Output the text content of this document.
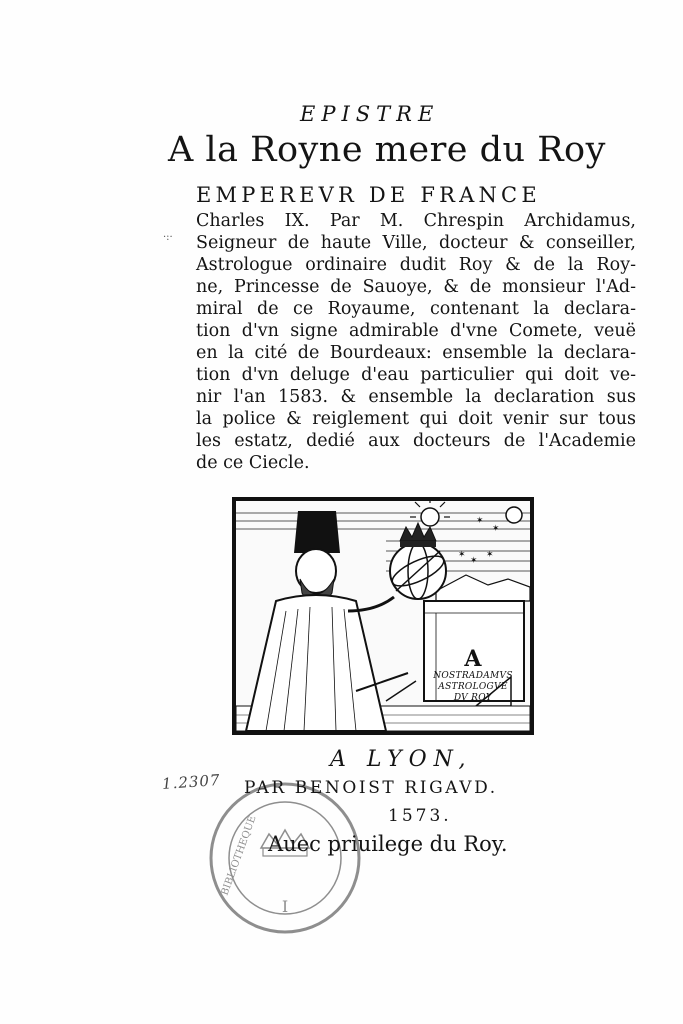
EPISTRE
A la Royne mere du Roy
EMPEREVR DE FRANCE
·:·
Charles IX. Par M. Chrespin Archidamus,
Seigneur de haute Ville, docteur & conseiller,
Astrologue ordinaire dudit Roy & de la Roy-
ne, Princesse de Sauoye, & de monsieur l'Ad-
miral de ce Royaume, contenant la declara-
tion d'vn signe admirable d'vne Comete, veuë
en la cité de Bourdeaux: ensemble la declara-
tion d'vn deluge d'eau particulier qui doit ve-
nir l'an 1583. & ensemble la declaration sus
la police & reiglement qui doit venir sur tous
les estatz, dedié aux docteurs de l'Academie
de ce Ciecle.
✶
✶
✶
✶
✶
A
NOSTRADAMVS
ASTROLOGVE
DV ROY
I
BIBLIOTHEQUE
1.2307
A LYON,
PAR BENOIST RIGAVD.
1573.
Auec priuilege du Roy.
